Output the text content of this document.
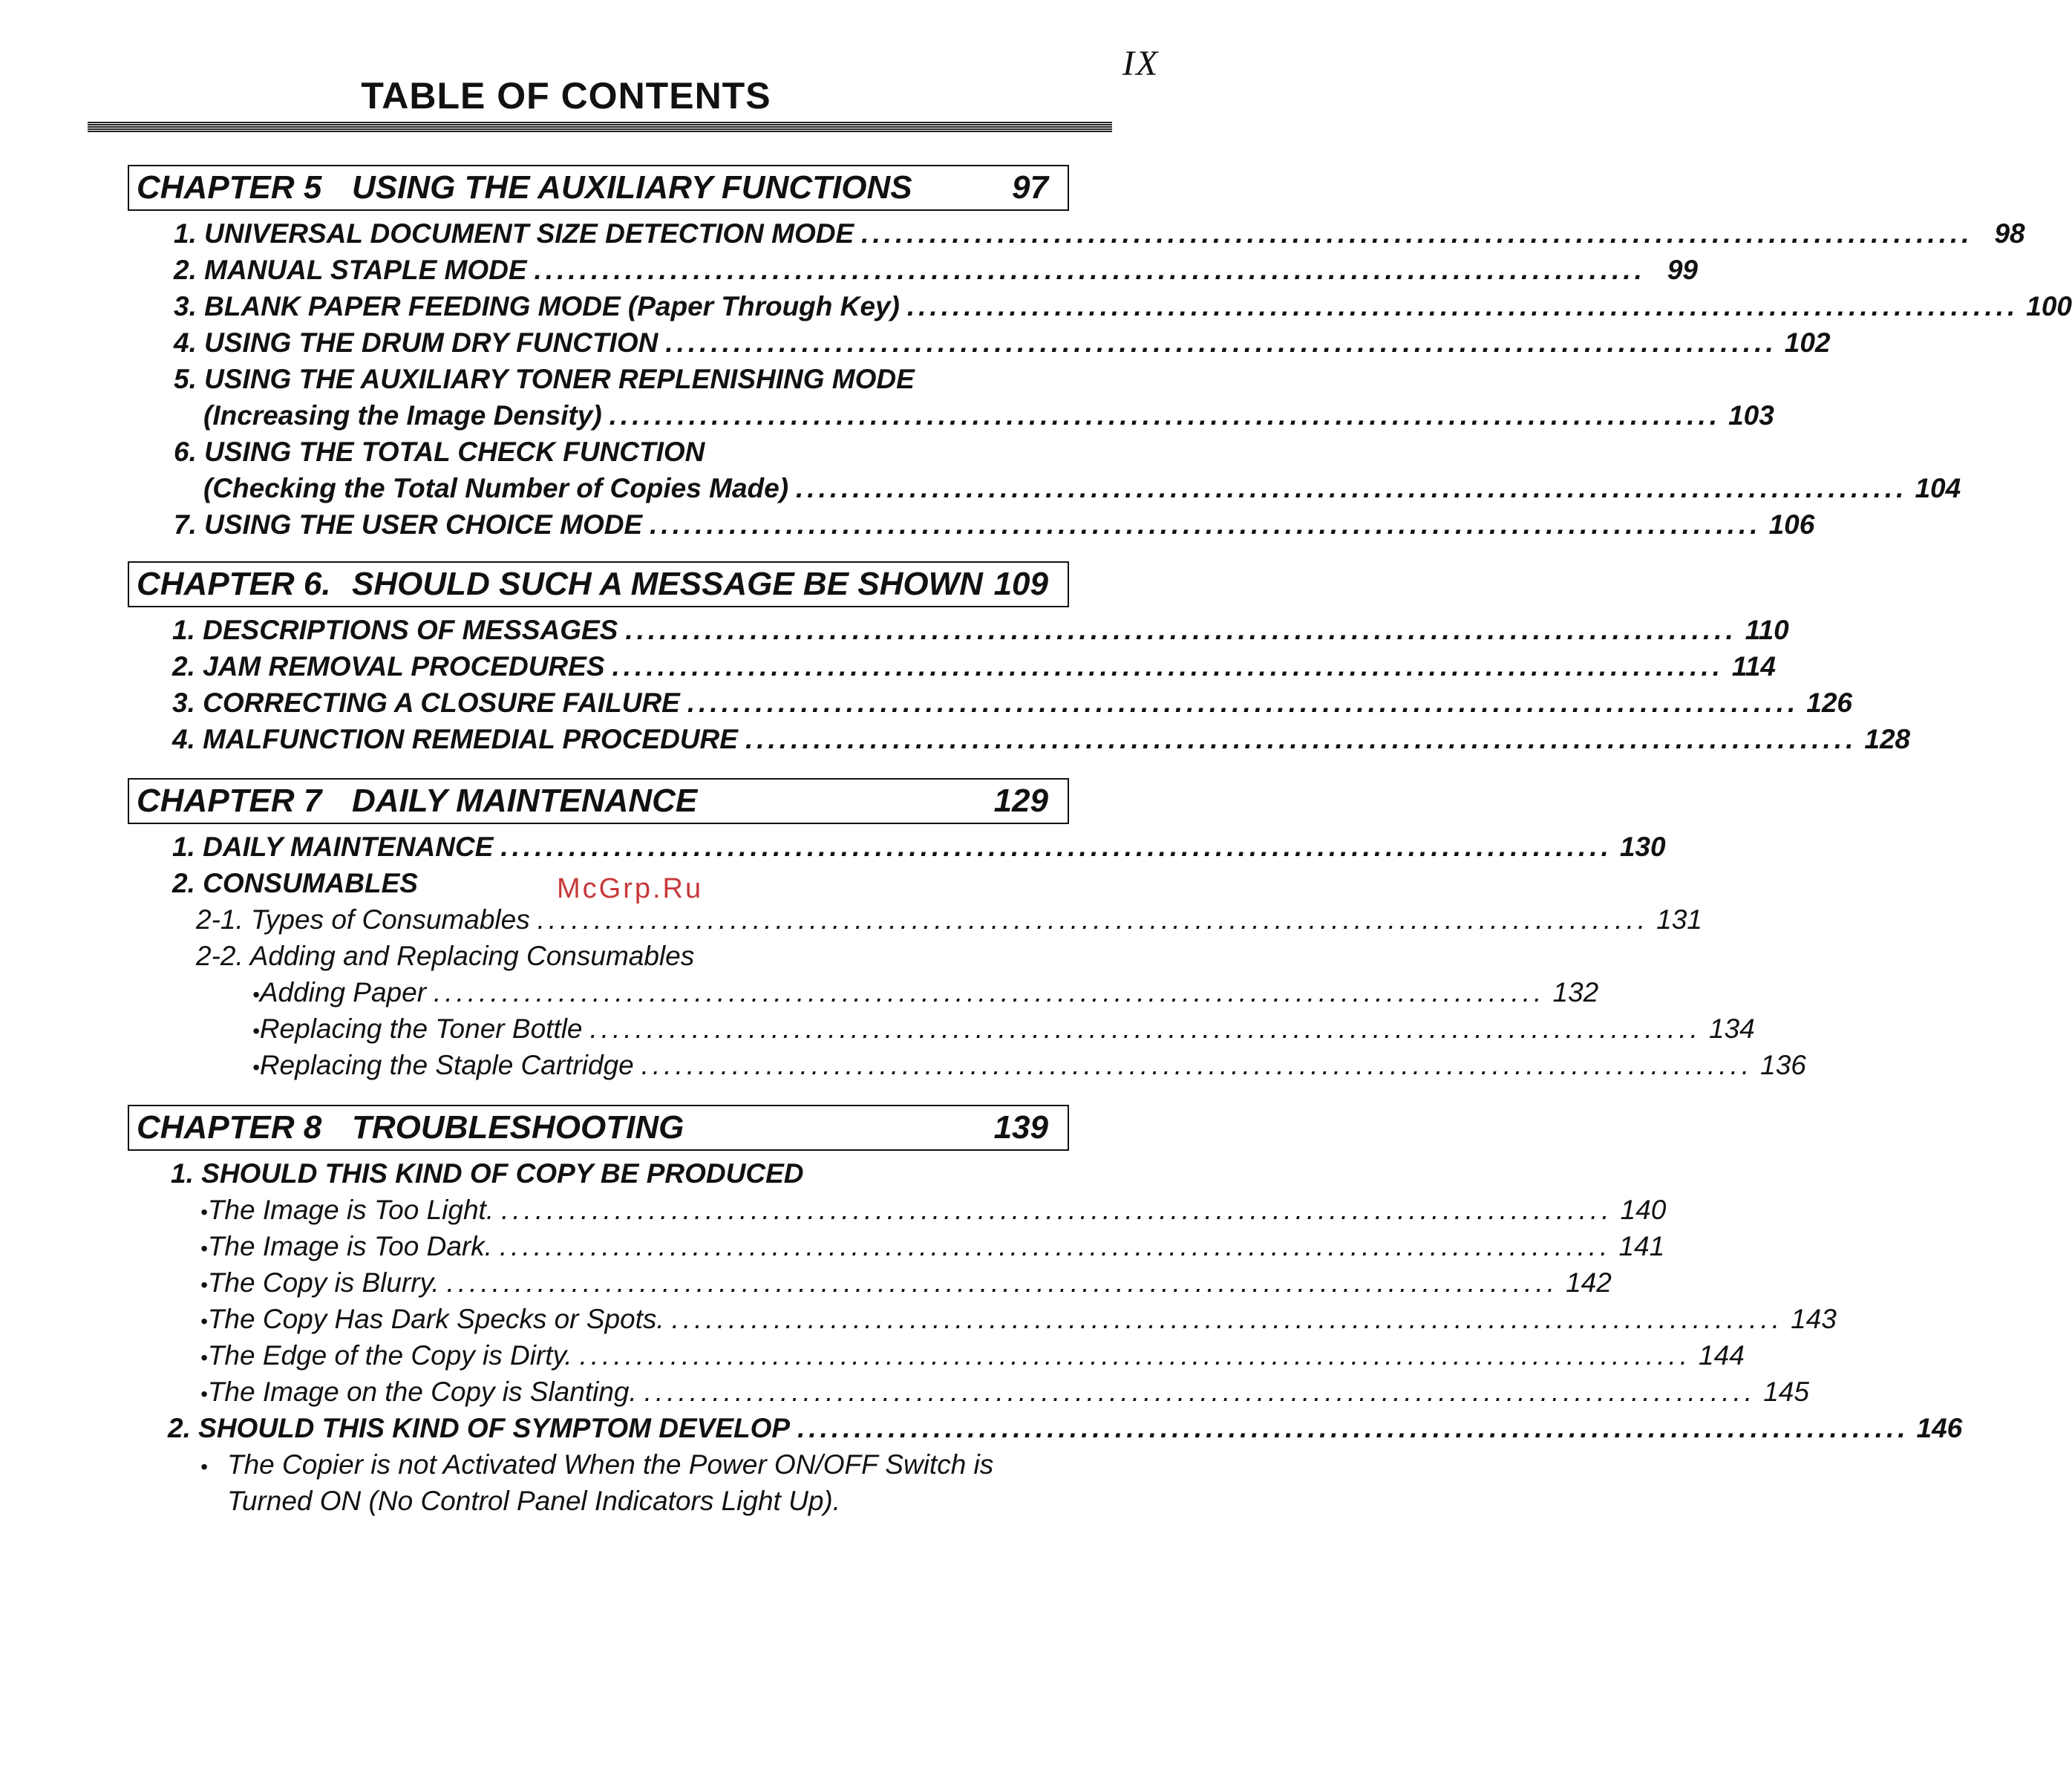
IX
TABLE OF CONTENTS
CHAPTER 5 USING THE AUXILIARY FUNCTIONS	97
1. UNIVERSAL DOCUMENT SIZE DETECTION MODE .................................................................................................. 98
2. MANUAL STAPLE MODE .................................................................................................. 99
3. BLANK PAPER FEEDING MODE (Paper Through Key) .................................................................................................. 100
4. USING THE DRUM DRY FUNCTION .................................................................................................. 102
5. USING THE AUXILIARY TONER REPLENISHING MODE
(Increasing the Image Density) .................................................................................................. 103
6. USING THE TOTAL CHECK FUNCTION
(Checking the Total Number of Copies Made) .................................................................................................. 104
7. USING THE USER CHOICE MODE .................................................................................................. 106
CHAPTER 6. SHOULD SUCH A MESSAGE BE SHOWN 109
1. DESCRIPTIONS OF MESSAGES .................................................................................................. 110
2. JAM REMOVAL PROCEDURES .................................................................................................. 114
3. CORRECTING A CLOSURE FAILURE .................................................................................................. 126
4. MALFUNCTION REMEDIAL PROCEDURE .................................................................................................. 128
CHAPTER 7 DAILY MAINTENANCE	129
1. DAILY MAINTENANCE .................................................................................................. 130
2. CONSUMABLES
2-1. Types of Consumables .................................................................................................. 131
2-2. Adding and Replacing Consumables
• Adding Paper .................................................................................................. 132
• Replacing the Toner Bottle .................................................................................................. 134
• Replacing the Staple Cartridge .................................................................................................. 136
McGrp.Ru
CHAPTER 8 TROUBLESHOOTING	139
1. SHOULD THIS KIND OF COPY BE PRODUCED
• The Image is Too Light. .................................................................................................. 140
• The Image is Too Dark. .................................................................................................. 141
• The Copy is Blurry. .................................................................................................. 142
• The Copy Has Dark Specks or Spots. .................................................................................................. 143
• The Edge of the Copy is Dirty. .................................................................................................. 144
• The Image on the Copy is Slanting. .................................................................................................. 145
2. SHOULD THIS KIND OF SYMPTOM DEVELOP .................................................................................................. 146
• The Copier is not Activated When the Power ON/OFF Switch is
Turned ON (No Control Panel Indicators Light Up).
